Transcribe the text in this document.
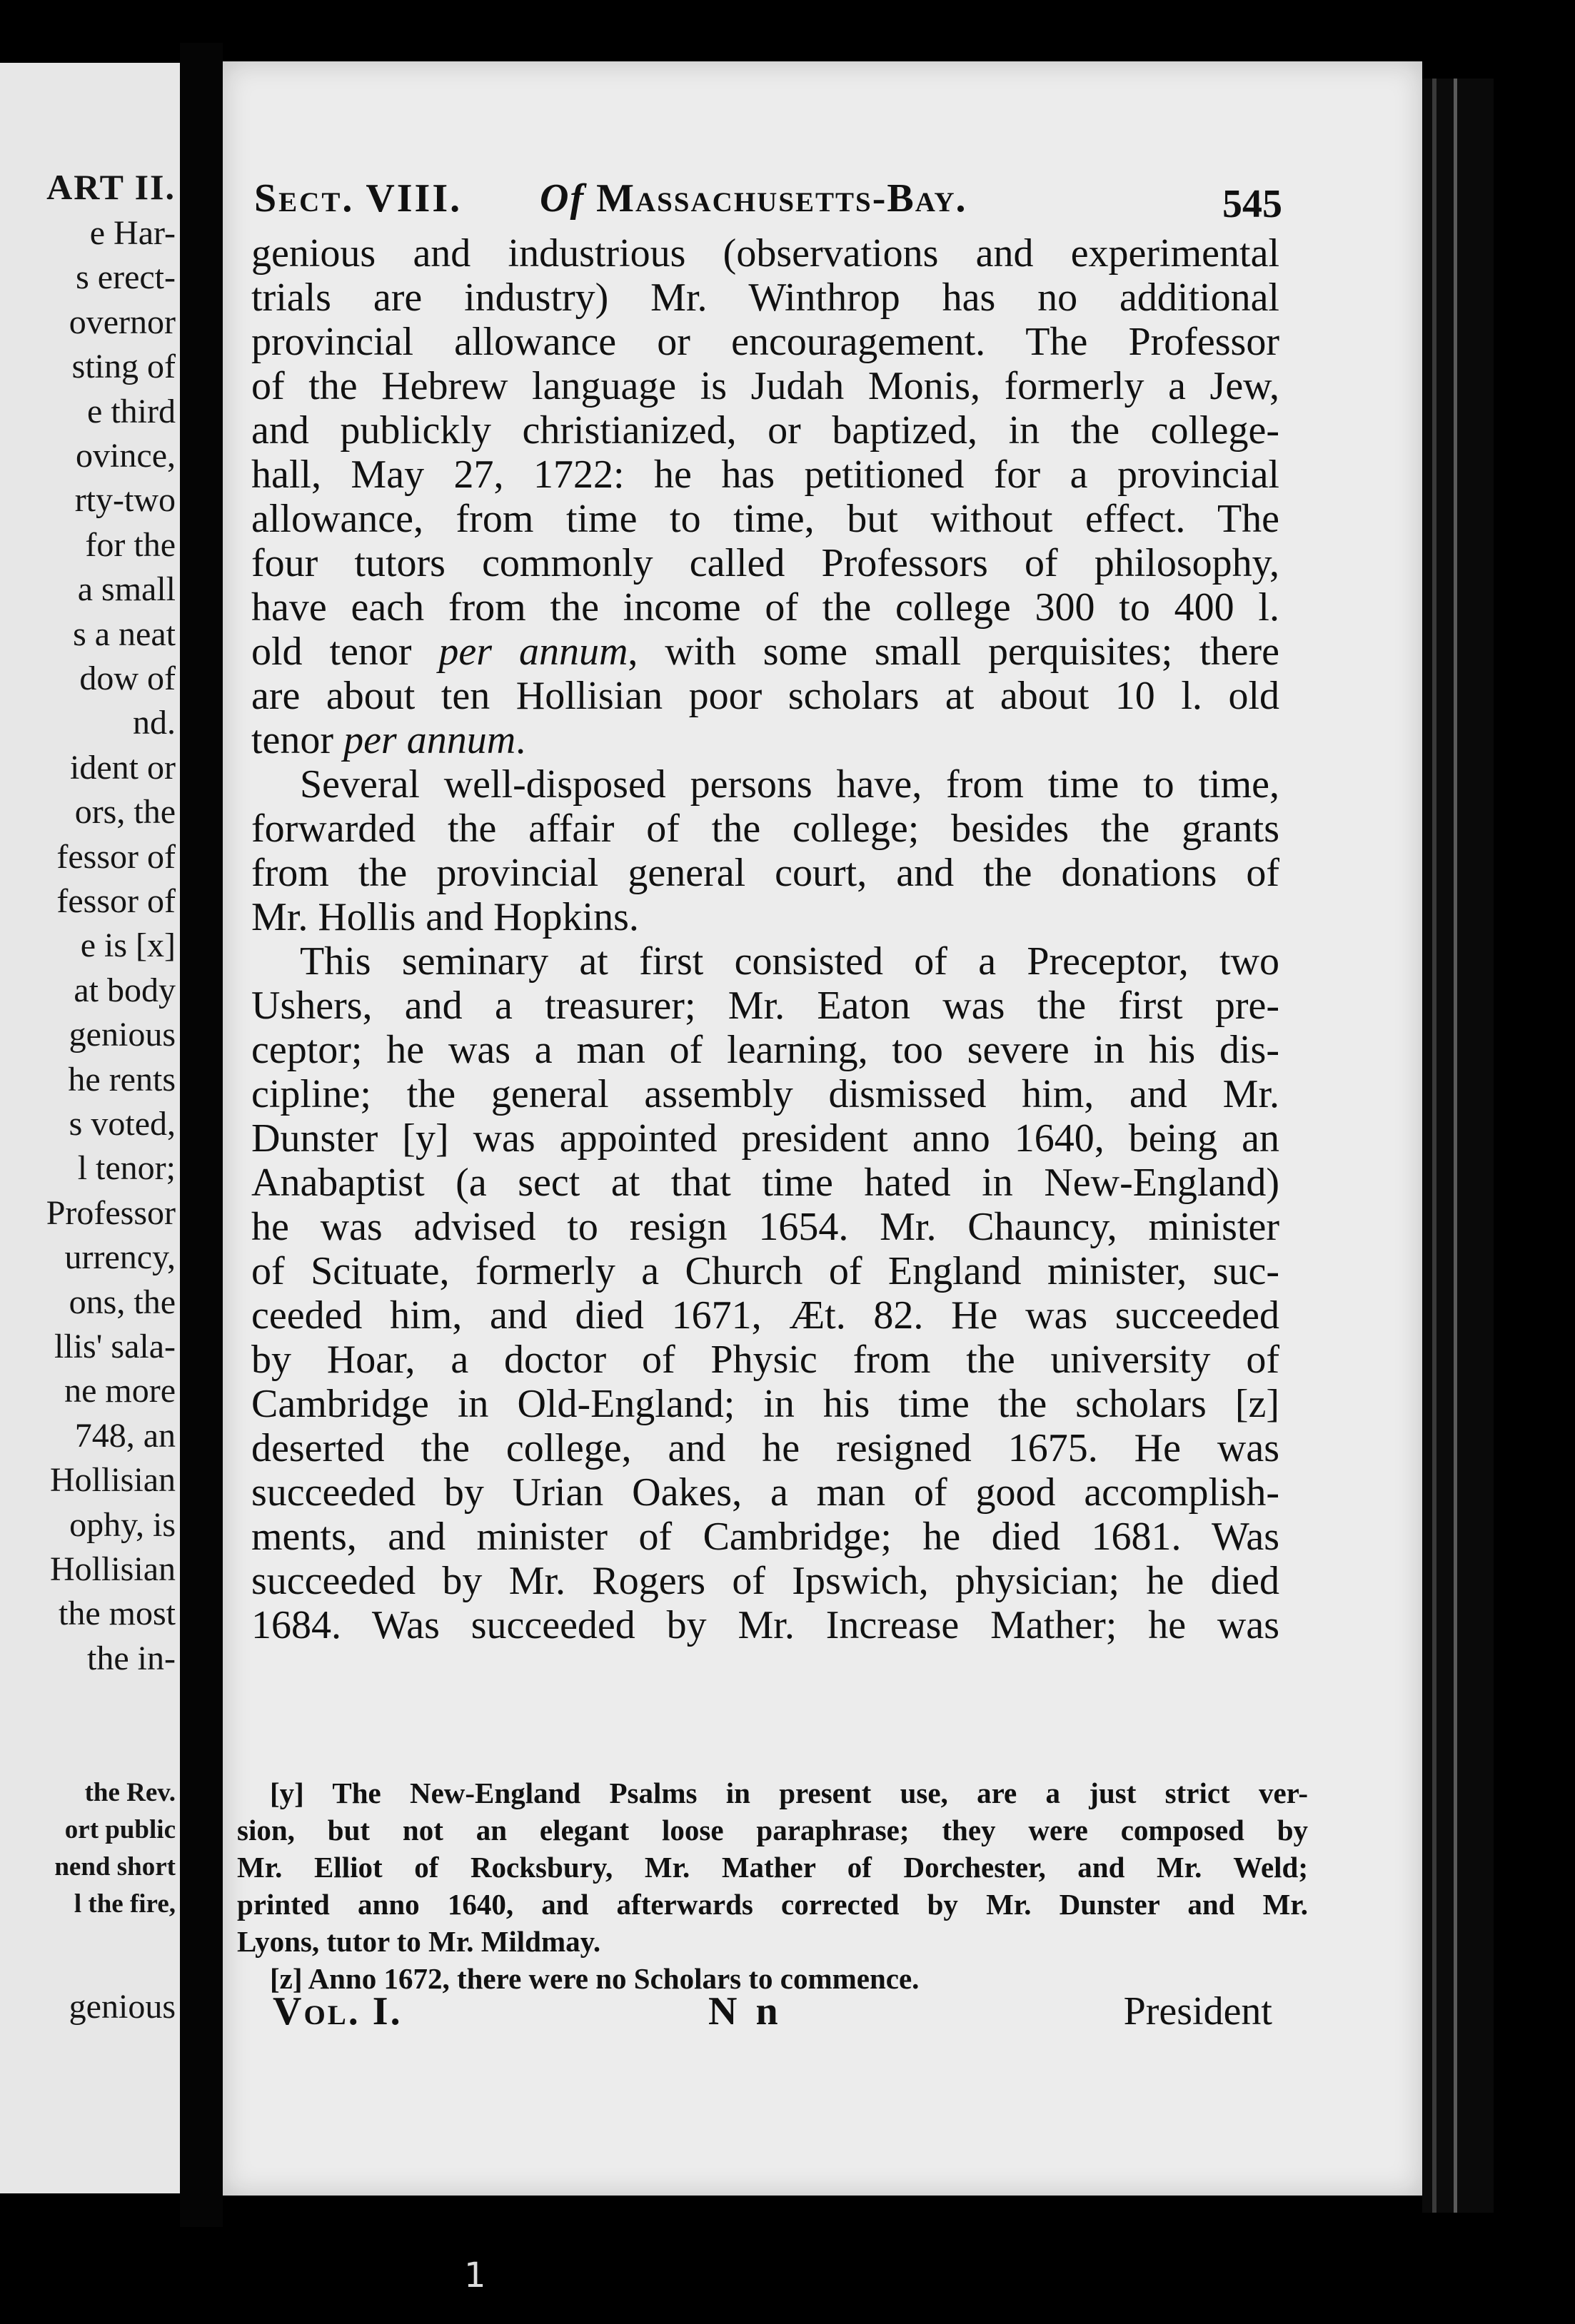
ART II.
e Har-
s erect-
overnor
sting of
e third
ovince,
rty-two
for the
a small
s a neat
dow of
nd.
ident or
ors, the
fessor of
fessor of
e is [x]
at body
genious
he rents
s voted,
l tenor;
Professor
urrency,
ons, the
llis' sala-
ne more
748, an
Hollisian
ophy, is
Hollisian
the most
the in-
the Rev.
ort public
nend short
l the fire,
genious
Sect. VIII. Of Massachusetts-Bay.	545
genious and industrious (observations and experimental
trials are industry) Mr. Winthrop has no additional
provincial allowance or encouragement. The Professor
of the Hebrew language is Judah Monis, formerly a Jew,
and publickly christianized, or baptized, in the college-
hall, May 27, 1722: he has petitioned for a provincial
allowance, from time to time, but without effect. The
four tutors commonly called Professors of philosophy,
have each from the income of the college 300 to 400 l.
old tenor per annum, with some small perquisites; there
are about ten Hollisian poor scholars at about 10 l. old
tenor per annum.
Several well-disposed persons have, from time to time,
forwarded the affair of the college; besides the grants
from the provincial general court, and the donations of
Mr. Hollis and Hopkins.
This seminary at first consisted of a Preceptor, two
Ushers, and a treasurer; Mr. Eaton was the first pre-
ceptor; he was a man of learning, too severe in his dis-
cipline; the general assembly dismissed him, and Mr.
Dunster [y] was appointed president anno 1640, being an
Anabaptist (a sect at that time hated in New-England)
he was advised to resign 1654. Mr. Chauncy, minister
of Scituate, formerly a Church of England minister, suc-
ceeded him, and died 1671, Æt. 82. He was succeeded
by Hoar, a doctor of Physic from the university of
Cambridge in Old-England; in his time the scholars [z]
deserted the college, and he resigned 1675. He was
succeeded by Urian Oakes, a man of good accomplish-
ments, and minister of Cambridge; he died 1681. Was
succeeded by Mr. Rogers of Ipswich, physician; he died
1684. Was succeeded by Mr. Increase Mather; he was
[y] The New-England Psalms in present use, are a just strict ver-
sion, but not an elegant loose paraphrase; they were composed by
Mr. Elliot of Rocksbury, Mr. Mather of Dorchester, and Mr. Weld;
printed anno 1640, and afterwards corrected by Mr. Dunster and Mr.
Lyons, tutor to Mr. Mildmay.
[z] Anno 1672, there were no Scholars to commence.
Vol. I.	N n	President
1
